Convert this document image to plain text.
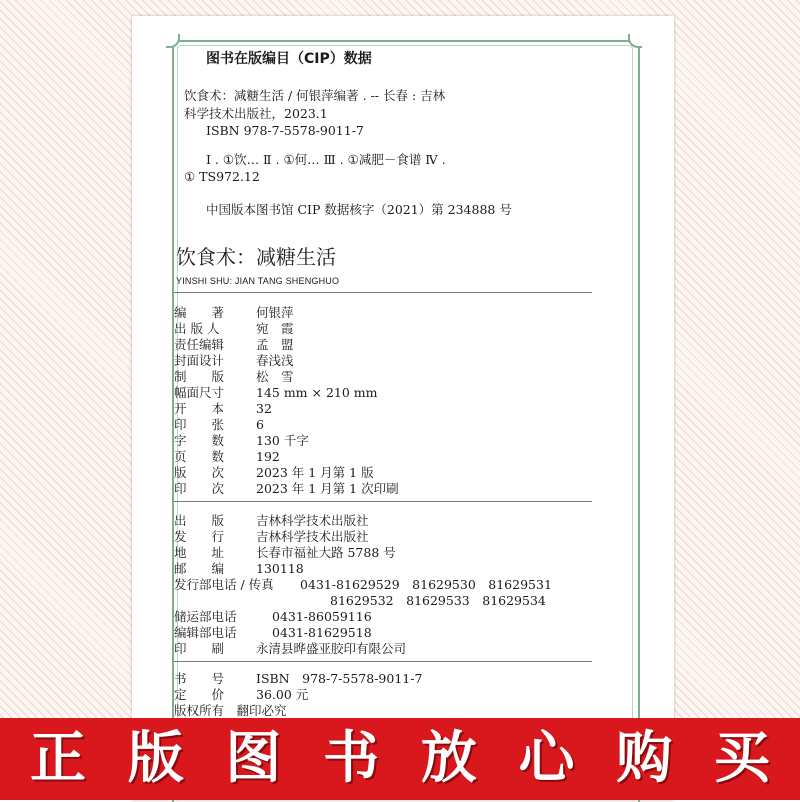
图书在版编目（CIP）数据
饮食术：减糖生活 / 何银萍编著 . -- 长春 : 吉林
科学技术出版社，2023.1
ISBN 978-7-5578-9011-7
Ⅰ . ①饮… Ⅱ . ①何… Ⅲ . ①减肥－食谱 Ⅳ .
① TS972.12
中国版本图书馆 CIP 数据核字（2021）第 234888 号
饮食术：减糖生活
YINSHI SHU: JIAN TANG SHENGHUO
编　　著	何银萍
出 版 人	宛　霞
责任编辑	孟　盟
封面设计	春浅浅
制　　版	松　雪
幅面尺寸	145 mm × 210 mm
开　　本	32
印　　张	6
字　　数	130 千字
页　　数	192
版　　次	2023 年 1 月第 1 版
印　　次	2023 年 1 月第 1 次印刷
出　　版	吉林科学技术出版社
发　　行	吉林科学技术出版社
地　　址	长春市福祉大路 5788 号
邮　　编	130118
发行部电话 / 传真 0431-81629529　81629530　81629531
81629532　81629533　81629534
储运部电话	0431-86059116
编辑部电话	0431-81629518
印　　刷	永清县晔盛亚胶印有限公司
书　　号	ISBN　978-7-5578-9011-7
定　　价	36.00 元
版权所有　翻印必究
正 版 图 书 放 心 购 买
